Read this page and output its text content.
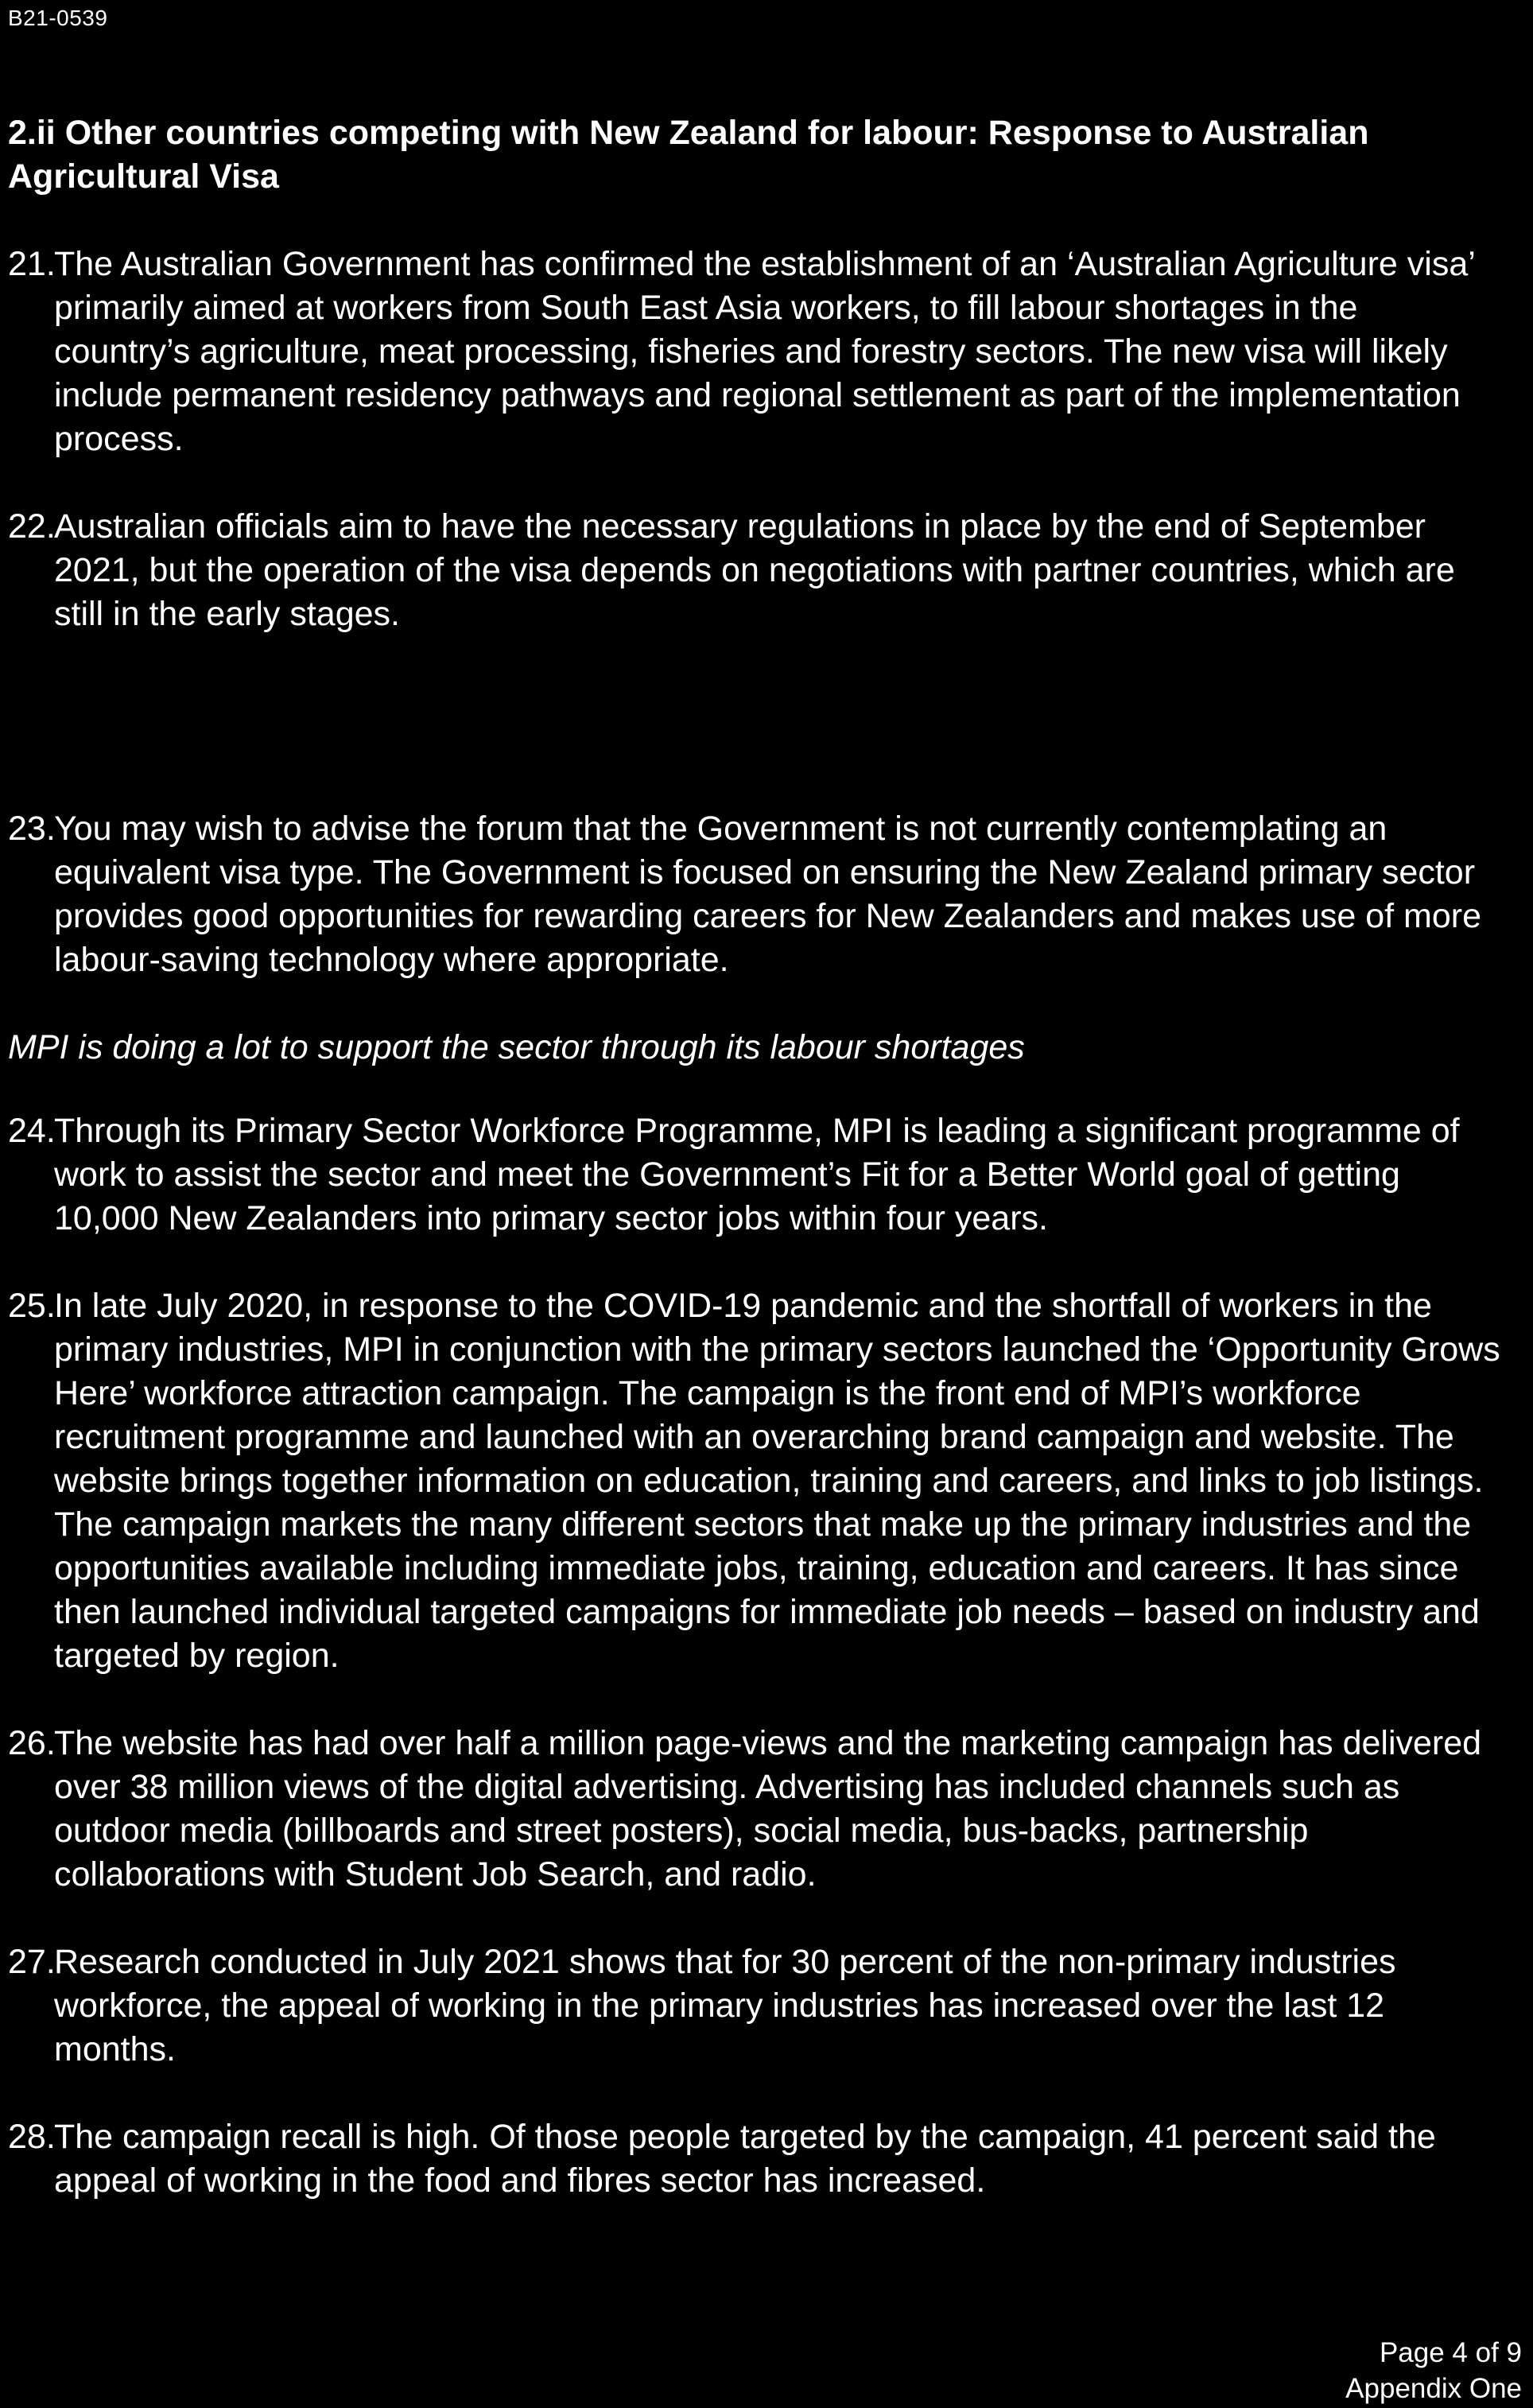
B21-0539
2.ii Other countries competing with New Zealand for labour: Response to Australian Agricultural Visa
21.

The Australian Government has confirmed the establishment of an ‘Australian Agriculture visa’ primarily aimed at workers from South East Asia workers, to fill labour shortages in the country’s agriculture, meat processing, fisheries and forestry sectors. The new visa will likely include permanent residency pathways and regional settlement as part of the implementation process.

22.

Australian officials aim to have the necessary regulations in place by the end of September 2021, but the operation of the visa depends on negotiations with partner countries, which are still in the early stages.

23.

You may wish to advise the forum that the Government is not currently contemplating an equivalent visa type. The Government is focused on ensuring the New Zealand primary sector provides good opportunities for rewarding careers for New Zealanders and makes use of more labour-saving technology where appropriate.

MPI is doing a lot to support the sector through its labour shortages
24.

Through its Primary Sector Workforce Programme, MPI is leading a significant programme of work to assist the sector and meet the Government’s Fit for a Better World goal of getting 10,000 New Zealanders into primary sector jobs within four years.

25.

In late July 2020, in response to the COVID-19 pandemic and the shortfall of workers in the primary industries, MPI in conjunction with the primary sectors launched the ‘Opportunity Grows Here’ workforce attraction campaign. The campaign is the front end of MPI’s workforce recruitment programme and launched with an overarching brand campaign and website. The website brings together information on education, training and careers, and links to job listings. The campaign markets the many different sectors that make up the primary industries and the opportunities available including immediate jobs, training, education and careers. It has since then launched individual targeted campaigns for immediate job needs – based on industry and targeted by region.

26.

The website has had over half a million page-views and the marketing campaign has delivered over 38 million views of the digital advertising. Advertising has included channels such as outdoor media (billboards and street posters), social media, bus-backs, partnership collaborations with Student Job Search, and radio.

27.

Research conducted in July 2021 shows that for 30 percent of the non-primary industries workforce, the appeal of working in the primary industries has increased over the last 12 months.

28.

The campaign recall is high. Of those people targeted by the campaign, 41 percent said the appeal of working in the food and fibres sector has increased.

Page 4 of 9
Appendix One
